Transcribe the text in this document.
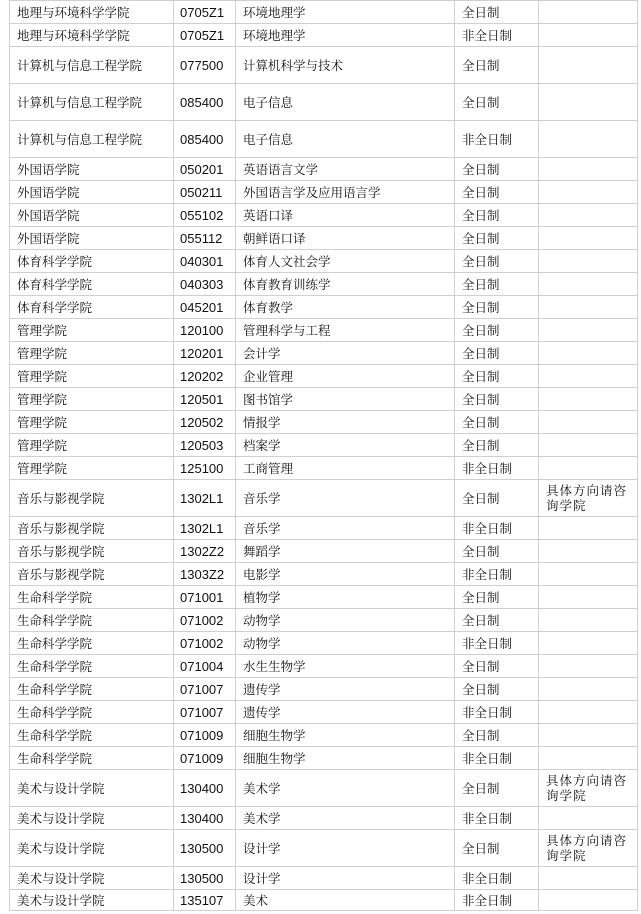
地理与环境科学学院	0705Z1	环境地理学	全日制	
地理与环境科学学院	0705Z1	环境地理学	非全日制	
计算机与信息工程学院	077500	计算机科学与技术	全日制	
计算机与信息工程学院	085400	电子信息	全日制	
计算机与信息工程学院	085400	电子信息	非全日制	
外国语学院	050201	英语语言文学	全日制	
外国语学院	050211	外国语言学及应用语言学	全日制	
外国语学院	055102	英语口译	全日制	
外国语学院	055112	朝鲜语口译	全日制	
体育科学学院	040301	体育人文社会学	全日制	
体育科学学院	040303	体育教育训练学	全日制	
体育科学学院	045201	体育教学	全日制	
管理学院	120100	管理科学与工程	全日制	
管理学院	120201	会计学	全日制	
管理学院	120202	企业管理	全日制	
管理学院	120501	图书馆学	全日制	
管理学院	120502	情报学	全日制	
管理学院	120503	档案学	全日制	
管理学院	125100	工商管理	非全日制	
音乐与影视学院	1302L1	音乐学	全日制	具体方向请咨询学院
音乐与影视学院	1302L1	音乐学	非全日制	
音乐与影视学院	1302Z2	舞蹈学	全日制	
音乐与影视学院	1303Z2	电影学	非全日制	
生命科学学院	071001	植物学	全日制	
生命科学学院	071002	动物学	全日制	
生命科学学院	071002	动物学	非全日制	
生命科学学院	071004	水生生物学	全日制	
生命科学学院	071007	遗传学	全日制	
生命科学学院	071007	遗传学	非全日制	
生命科学学院	071009	细胞生物学	全日制	
生命科学学院	071009	细胞生物学	非全日制	
美术与设计学院	130400	美术学	全日制	具体方向请咨询学院
美术与设计学院	130400	美术学	非全日制	
美术与设计学院	130500	设计学	全日制	具体方向请咨询学院
美术与设计学院	130500	设计学	非全日制	
美术与设计学院	135107	美术	非全日制	
